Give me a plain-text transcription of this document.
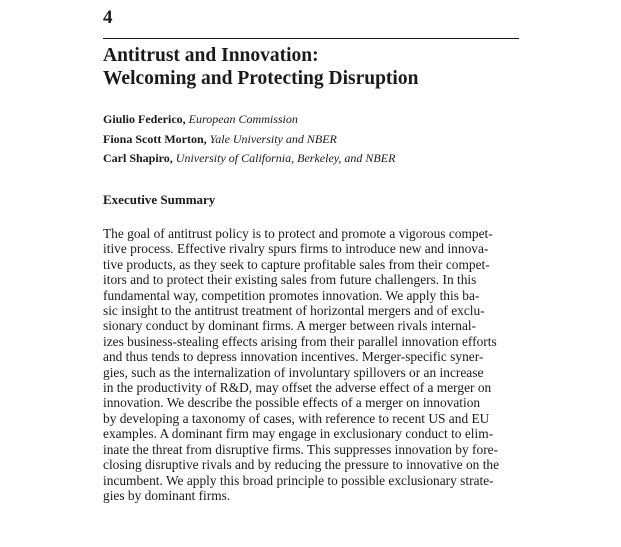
4
Antitrust and Innovation:
Welcoming and Protecting Disruption
Giulio Federico, European Commission
Fiona Scott Morton, Yale University and NBER
Carl Shapiro, University of California, Berkeley, and NBER
Executive Summary

The goal of antitrust policy is to protect and promote a vigorous compet-
itive process. Effective rivalry spurs firms to introduce new and innova-
tive products, as they seek to capture profitable sales from their compet-
itors and to protect their existing sales from future challengers. In this
fundamental way, competition promotes innovation. We apply this ba-
sic insight to the antitrust treatment of horizontal mergers and of exclu-
sionary conduct by dominant firms. A merger between rivals internal-
izes business-stealing effects arising from their parallel innovation efforts
and thus tends to depress innovation incentives. Merger-specific syner-
gies, such as the internalization of involuntary spillovers or an increase
in the productivity of R&D, may offset the adverse effect of a merger on
innovation. We describe the possible effects of a merger on innovation
by developing a taxonomy of cases, with reference to recent US and EU
examples. A dominant firm may engage in exclusionary conduct to elim-
inate the threat from disruptive firms. This suppresses innovation by fore-
closing disruptive rivals and by reducing the pressure to innovative on the
incumbent. We apply this broad principle to possible exclusionary strate-
gies by dominant firms.
